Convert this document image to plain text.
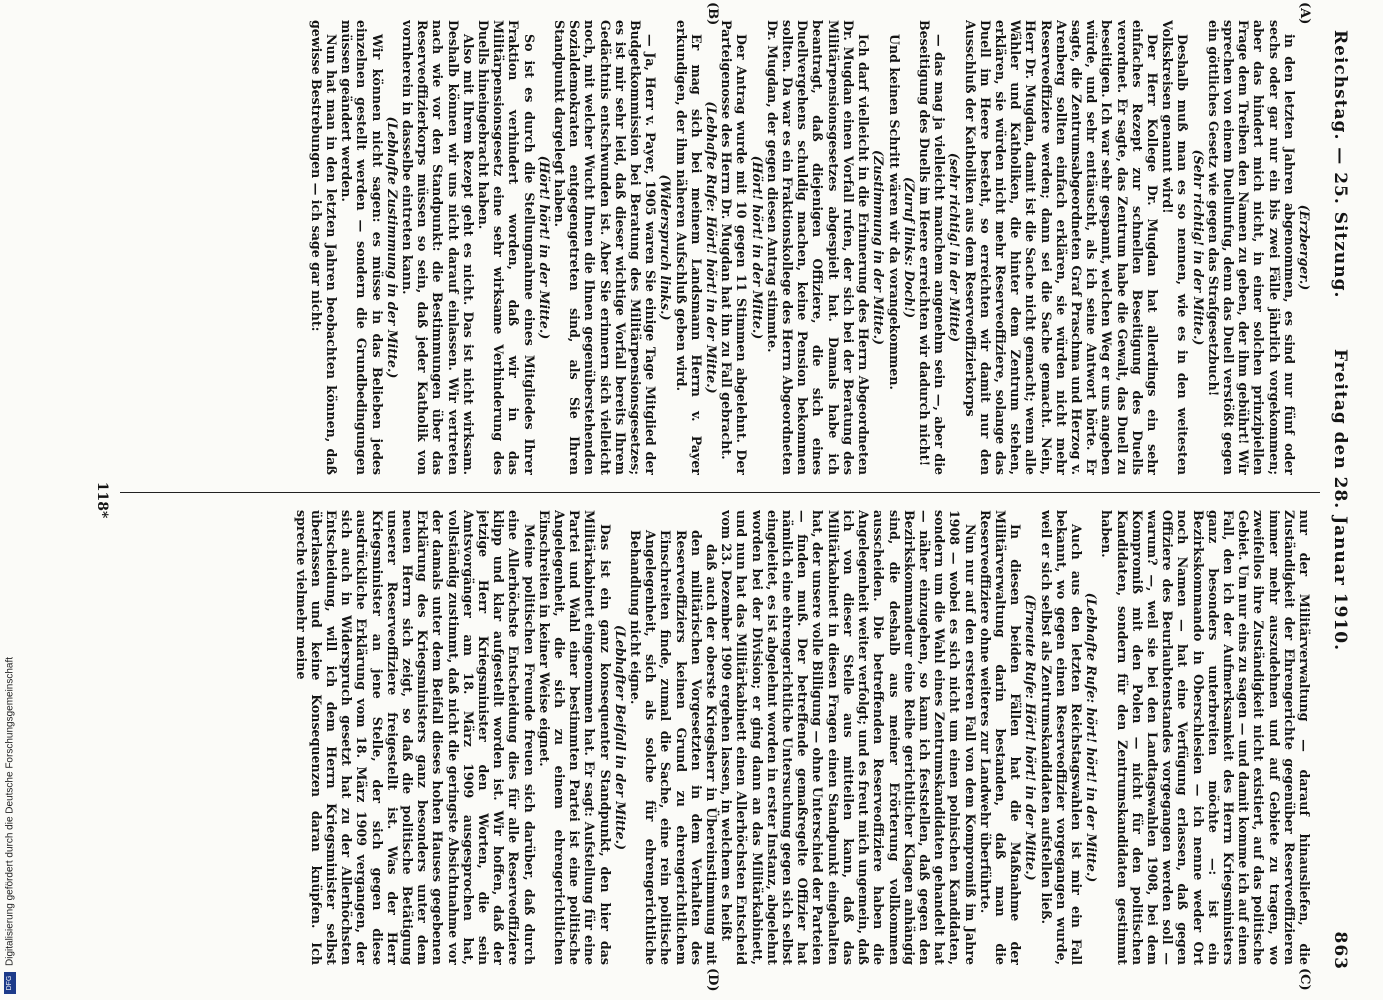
Reichstag. — 25. Sitzung.
Freitag den 28. Januar 1910.
863

(Erzberger.)

in den letzten Jahren abgenommen, es sind nur fünf oder sechs oder gar nur ein bis zwei Fälle jährlich vorgekommen; aber das hindert mich nicht, in einer solchen prinzipiellen Frage dem Treiben den Namen zu geben, der ihm gebührt! Wir sprechen von einem Duellunfug, denn das Duell verstößt gegen ein göttliches Gesetz wie gegen das Strafgesetzbuch!

(Sehr richtig! in der Mitte.)

Deshalb muß man es so nennen, wie es in den weitesten Volkskreisen genannt wird!

Der Herr Kollege Dr. Mugdan hat allerdings ein sehr einfaches Rezept zur schnellen Beseitigung des Duells verordnet. Er sagte, das Zentrum habe die Gewalt, das Duell zu beseitigen. Ich war sehr gespannt, welchen Weg er uns angeben würde, und sehr enttäuscht, als ich seine Antwort hörte. Er sagte, die Zentrumsabgeordneten Graf Praschma und Herzog v. Arenberg sollten einfach erklären, sie würden nicht mehr Reserveoffiziere werden; dann sei die Sache gemacht. Nein, Herr Dr. Mugdan, damit ist die Sache nicht gemacht; wenn alle Wähler und Katholiken, die hinter dem Zentrum stehen, erklären, sie würden nicht mehr Reserveoffiziere, solange das Duell im Heere besteht, so erreichten wir damit nur den Ausschluß der Katholiken aus dem Reserveoffizierkorps

(sehr richtig! in der Mitte)

— das mag ja vielleicht manchem angenehm sein —, aber die Beseitigung des Duells im Heere erreichten wir dadurch nicht!

(Zuruf links: Doch!)

Und keinen Schritt wären wir da vorangekommen.

(Zustimmung in der Mitte.)

Ich darf vielleicht in die Erinnerung des Herrn Abgeordneten Dr. Mugdan einen Vorfall rufen, der sich bei der Beratung des Militärpensionsgesetzes abgespielt hat. Damals habe ich beantragt, daß diejenigen Offiziere, die sich eines Duellvergehens schuldig machen, keine Pension bekommen sollten. Da war es ein Fraktionskollege des Herrn Abgeordneten Dr. Mugdan, der gegen diesen Antrag stimmte.

(Hört! hört! in der Mitte.)

Der Antrag wurde mit 10 gegen 11 Stimmen abgelehnt. Der Parteigenosse des Herrn Dr. Mugdan hat ihn zu Fall gebracht.

(Lebhafte Rufe: Hört! hört! in der Mitte.)

Er mag sich bei meinem Landsmann Herrn v. Payer erkundigen, der ihm näheren Aufschluß geben wird.

(Widerspruch links.)

— Ja, Herr v. Payer, 1905 waren Sie einige Tage Mitglied der Budgetkommission bei Beratung des Militärpensionsgesetzes; es ist mir sehr leid, daß dieser wichtige Vorfall bereits Ihrem Gedächtnis entschwunden ist. Aber Sie erinnern sich vielleicht noch, mit welcher Wucht Ihnen die Ihnen gegenüberstehenden Sozialdemokraten entgegengetreten sind, als Sie Ihren Standpunkt dargelegt haben.

(Hört! hört! in der Mitte.)

So ist es durch die Stellungnahme eines Mitgliedes Ihrer Fraktion verhindert worden, daß wir in das Militärpensionsgesetz eine sehr wirksame Verhinderung des Duells hineingebracht haben.

Also mit Ihrem Rezept geht es nicht. Das ist nicht wirksam. Deshalb können wir uns nicht darauf einlassen. Wir vertreten nach wie vor den Standpunkt: die Bestimmungen über das Reserveoffizierkorps müssen so sein, daß jeder Katholik von vornherein in dasselbe eintreten kann.

(Lebhafte Zustimmung in der Mitte.)

Wir können nicht sagen: es müsse in das Belieben jedes einzelnen gestellt werden — sondern die Grundbedingungen müssen geändert werden.

Nun hat man in den letzten Jahren beobachten können, daß gewisse Bestrebungen — ich sage gar nicht:

nur der Militärverwaltung — darauf hinausliefen, die Zuständigkeit der Ehrengerichte gegenüber Reserveoffizieren immer mehr auszudehnen und auf Gebiete zu tragen, wo zweifellos ihre Zuständigkeit nicht existiert, auf das politische Gebiet. Um nur eins zu sagen — und damit komme ich auf einen Fall, den ich der Aufmerksamkeit des Herrn Kriegsministers ganz besonders unterbreiten möchte —: ist ein Bezirkskommando in Oberschlesien — ich nenne weder Ort noch Namen — hat eine Verfügung erlassen, daß gegen Offiziere des Beurlaubtenstandes vorgegangen werden soll — warum? —, weil sie bei den Landtagswahlen 1908, bei dem Kompromiß mit den Polen — nicht für den politischen Kandidaten, sondern für den Zentrumskandidaten gestimmt haben.

(Lebhafte Rufe: hört! hört! in der Mitte.)

Auch aus den letzten Reichstagswahlen ist mir ein Fall bekannt, wo gegen einen Reserveoffizier vorgegangen wurde, weil er sich selbst als Zentrumskandidaten aufstellen ließ.

(Erneute Rufe: Hört! hört! in der Mitte.)

In diesen beiden Fällen hat die Maßnahme der Militärverwaltung darin bestanden, daß man die Reserveoffiziere ohne weiteres zur Landwehr überführte.

Nun nur auf den ersteren Fall von dem Kompromiß im Jahre 1908 — wobei es sich nicht um einen polnischen Kandidaten, sondern um die Wahl eines Zentrumskandidaten gehandelt hat — näher einzugehen, so kann ich feststellen, daß gegen den Bezirkskommandeur eine Reihe gerichtlicher Klagen anhängig sind, die deshalb aus meiner Erörterung vollkommen ausscheiden. Die betreffenden Reserveoffiziere haben die Angelegenheit weiter verfolgt; und es freut mich ungemein, daß ich von dieser Stelle aus mitteilen kann, daß das Militärkabinett in diesen Fragen einen Standpunkt eingehalten hat, der unsere volle Billigung — ohne Unterschied der Parteien — finden muß. Der betreffende gemaßregelte Offizier hat nämlich eine ehrengerichtliche Untersuchung gegen sich selbst eingeleitet, es ist abgelehnt worden in erster Instanz, abgelehnt worden bei der Division; er ging dann an das Militärkabinett, und nun hat das Militärkabinett einen Allerhöchsten Entscheid vom 23. Dezember 1909 ergehen lassen, in welchem es heißt

daß auch der oberste Kriegsherr in Übereinstimmung mit den militärischen Vorgesetzten in dem Verhalten des Reserveoffiziers keinen Grund zu ehrengerichtlichem Einschreiten finde, zumal die Sache, eine rein politische Angelegenheit, sich als solche für ehrengerichtliche Behandlung nicht eigne.

(Lebhafter Beifall in der Mitte.)

Das ist ein ganz konsequenter Standpunkt, den hier das Militärkabinett eingenommen hat. Er sagt: Aufstellung für eine Partei und Wahl einer bestimmten Partei ist eine politische Angelegenheit, die sich zu einem ehrengerichtlichen Einschreiten in keiner Weise eignet.

Meine politischen Freunde freuen sich darüber, daß durch eine Allerhöchste Entscheidung dies für alle Reserveoffiziere klipp und klar aufgestellt worden ist. Wir hoffen, daß der jetzige Herr Kriegsminister den Worten, die sein Amtsvorgänger am 18. März 1909 ausgesprochen hat, vollständig zustimmt, daß nicht die geringste Absichtnahme vor der damals unter dem Beifall dieses hohen Hauses gegebenen Erklärung des Kriegsministers ganz besonders unter dem neuen Herrn sich zeigt, so daß die politische Betätigung unserer Reserveoffiziere freigestellt ist. Was der Herr Kriegsminister an jene Stelle, der sich gegen diese ausdrückliche Erklärung vom 18. März 1909 vergangen, der sich auch in Widerspruch gesetzt hat zu der Allerhöchsten Entscheidung, will ich dem Herrn Kriegsminister selbst überlassen und keine Konsequenzen daran knüpfen. Ich spreche vielmehr meine

(A)
(B)
(C)
(D)
118*
DFGDigitalisierung gefördert durch die Deutsche Forschungsgemeinschaft
